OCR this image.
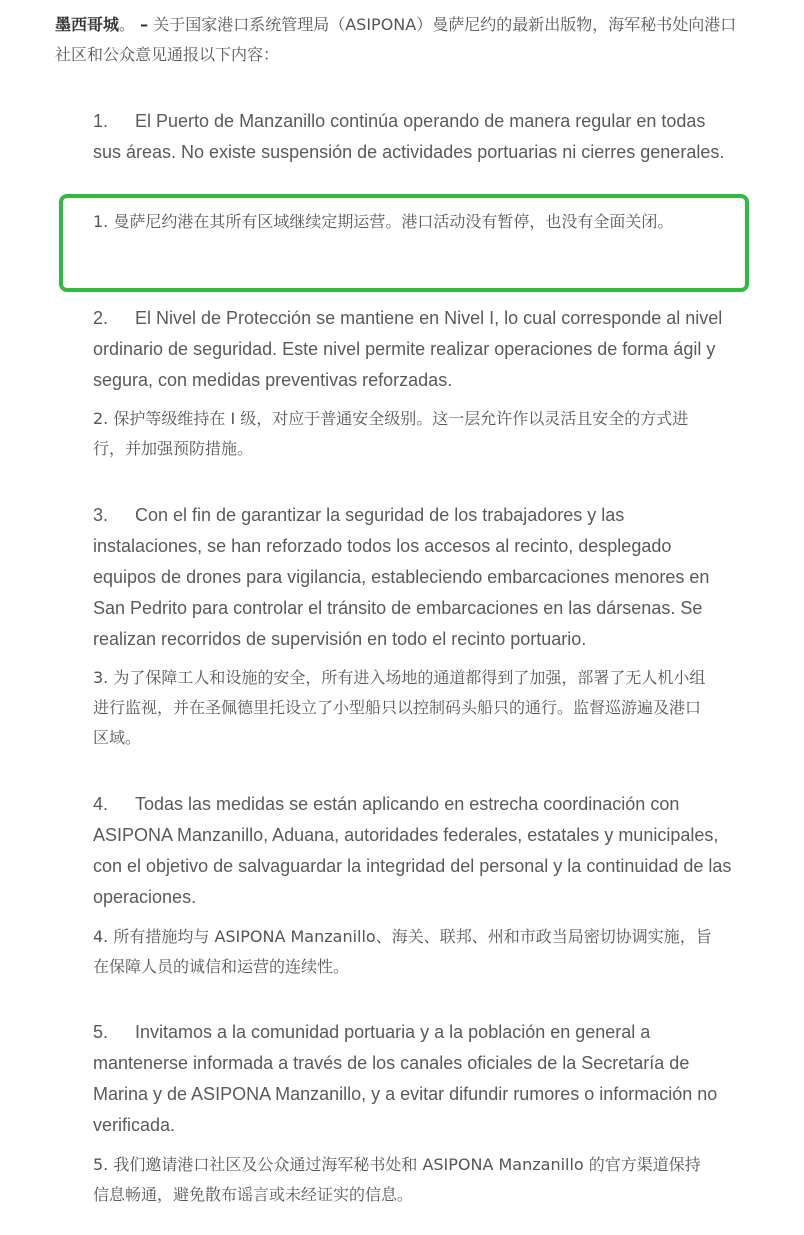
墨西哥城。 – 关于国家港口系统管理局（ASIPONA）曼萨尼约的最新出版物，海军秘书处向港口社区和公众意见通报以下内容：

1. El Puerto de Manzanillo continúa operando de manera regular en todas sus áreas. No existe suspensión de actividades portuarias ni cierres generales.

1. 曼萨尼约港在其所有区域继续定期运营。港口活动没有暂停，也没有全面关闭。

2. El Nivel de Protección se mantiene en Nivel I, lo cual corresponde al nivel ordinario de seguridad. Este nivel permite realizar operaciones de forma ágil y segura, con medidas preventivas reforzadas.

2. 保护等级维持在 I 级，对应于普通安全级别。这一层允许作以灵活且安全的方式进行，并加强预防措施。

3. Con el fin de garantizar la seguridad de los trabajadores y las instalaciones, se han reforzado todos los accesos al recinto, desplegado equipos de drones para vigilancia, estableciendo embarcaciones menores en San Pedrito para controlar el tránsito de embarcaciones en las dársenas. Se realizan recorridos de supervisión en todo el recinto portuario.

3. 为了保障工人和设施的安全，所有进入场地的通道都得到了加强，部署了无人机小组进行监视，并在圣佩德里托设立了小型船只以控制码头船只的通行。监督巡游遍及港口区域。

4. Todas las medidas se están aplicando en estrecha coordinación con ASIPONA Manzanillo, Aduana, autoridades federales, estatales y municipales, con el objetivo de salvaguardar la integridad del personal y la continuidad de las operaciones.

4. 所有措施均与 ASIPONA Manzanillo、海关、联邦、州和市政当局密切协调实施，旨在保障人员的诚信和运营的连续性。

5. Invitamos a la comunidad portuaria y a la población en general a mantenerse informada a través de los canales oficiales de la Secretaría de Marina y de ASIPONA Manzanillo, y a evitar difundir rumores o información no verificada.

5. 我们邀请港口社区及公众通过海军秘书处和 ASIPONA Manzanillo 的官方渠道保持信息畅通，避免散布谣言或未经证实的信息。
